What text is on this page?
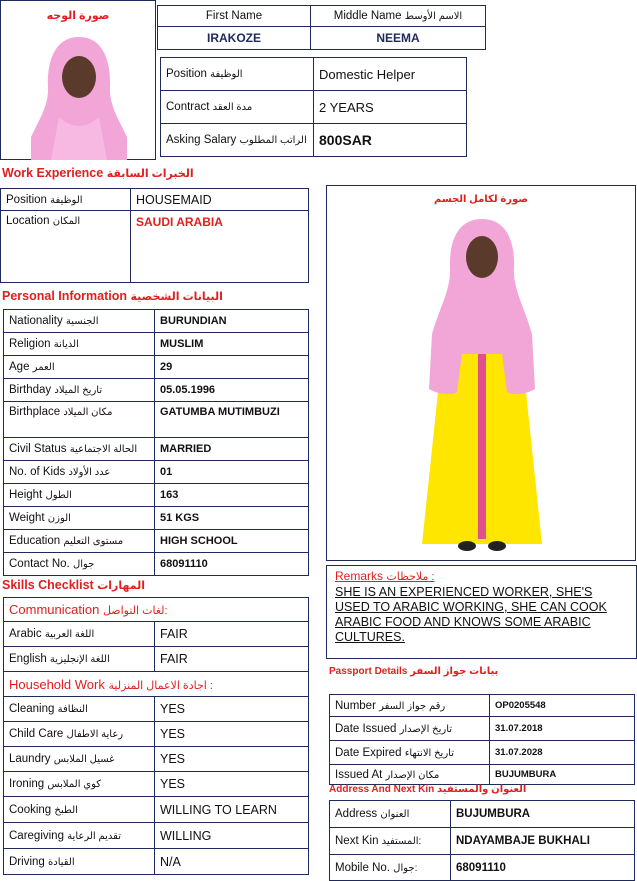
صورة الوجه	First Name	Middle Name الاسم الأوسط
IRAKOZE	NEEMA
Position الوظيفة	Domestic Helper
Contract مدة العقد	2 YEARS
Asking Salary الراتب المطلوب	800SAR
Work Experience الخبرات السابقة
Position الوظيفة	HOUSEMAID
Location المكان	SAUDI ARABIA
Personal Information البيانات الشخصية
Nationality الجنسية	BURUNDIAN
Religion الديانة	MUSLIM
Age العمر	29
Birthday تاريخ الميلاد	05.05.1996
Birthplace مكان الميلاد	GATUMBA MUTIMBUZI
Civil Status الحالة الاجتماعية	MARRIED
No. of Kids عدد الأولاد	01
Height الطول	163
Weight الوزن	51 KGS
Education مستوى التعليم	HIGH SCHOOL
Contact No. جوال	68091110
Skills Checklist المهارات
Communication لغات التواصل:	
Arabic اللغة العربية	FAIR
English اللغة الإنجليزية	FAIR
Household Work اجادة الاعمال المنزلية :	
Cleaning النظافة	YES
Child Care رعاية الاطفال	YES
Laundry غسيل الملابس	YES
Ironing كوي الملابس	YES
Cooking الطبخ	WILLING TO LEARN
Caregiving تقديم الرعاية	WILLING
Driving القيادة	N/A
صورة لكامل الجسم
Remarks ملاحظات :
SHE IS AN EXPERIENCED WORKER, SHE'S USED TO ARABIC WORKING, SHE CAN COOK ARABIC FOOD AND KNOWS SOME ARABIC CULTURES.
Passport Details بيانات جواز السفر
Number رقم جواز السفر	OP0205548
Date Issued تاريخ الإصدار	31.07.2018
Date Expired تاريخ الانتهاء	31.07.2028
Issued At مكان الإصدار	BUJUMBURA
Address And Next Kin العنوان والمستفيد
Address العنوان	BUJUMBURA
Next Kin المستفيد:	NDAYAMBAJE BUKHALI
Mobile No. جوال:	68091110
